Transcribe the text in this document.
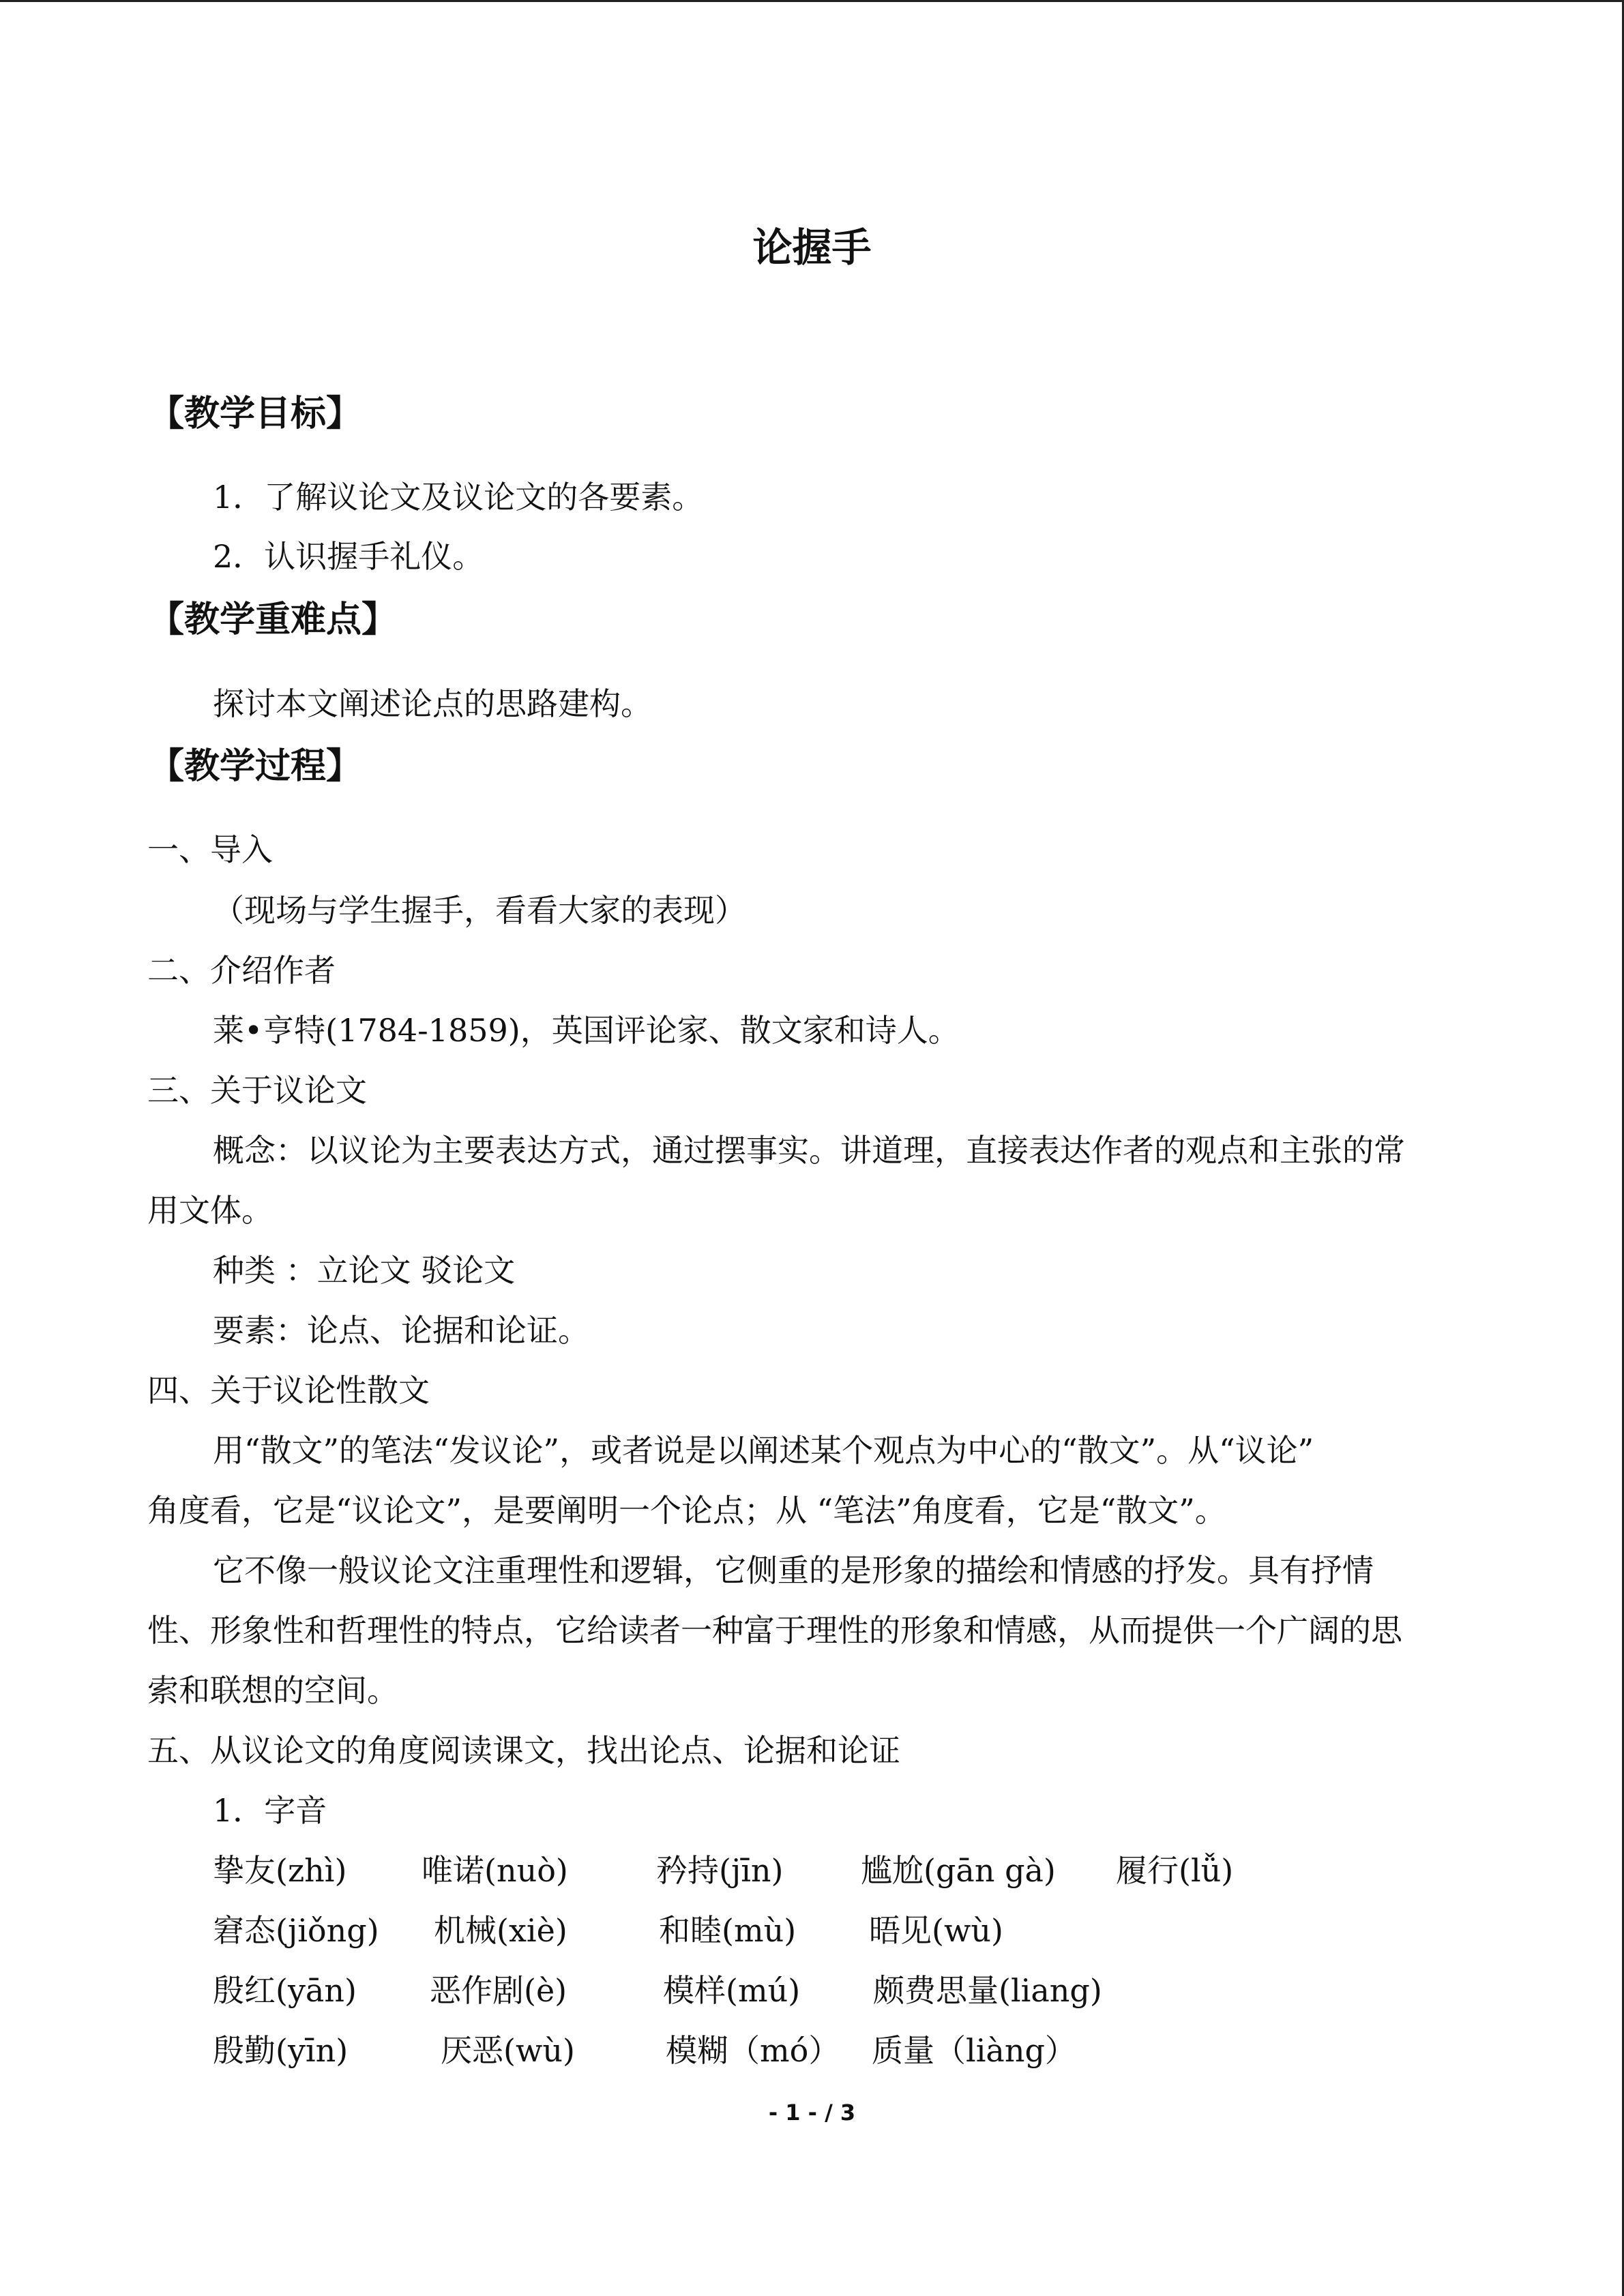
论握手
【教学目标】
1．了解议论文及议论文的各要素。
2．认识握手礼仪。
【教学重难点】
探讨本文阐述论点的思路建构。
【教学过程】
一、导入
（现场与学生握手，看看大家的表现）
二、介绍作者
莱•亨特(1784-1859)，英国评论家、散文家和诗人。
三、关于议论文
概念：以议论为主要表达方式，通过摆事实。讲道理，直接表达作者的观点和主张的常
用文体。
种类 ：立论文 驳论文
要素：论点、论据和论证。
四、关于议论性散文
用“散文”的笔法“发议论”，或者说是以阐述某个观点为中心的“散文”。从“议论”
角度看，它是“议论文”，是要阐明一个论点；从 “笔法”角度看，它是“散文”。
它不像一般议论文注重理性和逻辑，它侧重的是形象的描绘和情感的抒发。具有抒情
性、形象性和哲理性的特点，它给读者一种富于理性的形象和情感，从而提供一个广阔的思
索和联想的空间。
五、从议论文的角度阅读课文，找出论点、论据和论证
1．字音
挚友(zhì) 唯诺(nuò)	矜持(jīn) 尴尬(gān gà) 履行(lǚ)
窘态(jiǒng) 机械(xiè)	和睦(mù) 晤见(wù)
殷红(yān) 恶作剧(è)	模样(mú) 颇费思量(liang)
殷勤(yīn)	厌恶(wù)	模糊（mó） 质量（liàng）
- 1 - / 3
